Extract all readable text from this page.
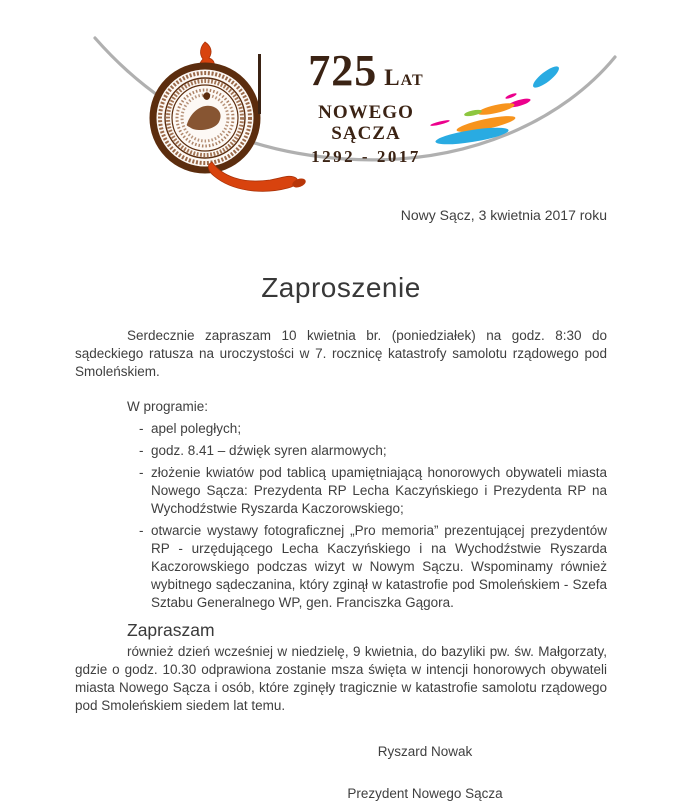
725 Lat
NOWEGO SĄCZA
1292 - 2017
Nowy Sącz, 3 kwietnia 2017 roku
Zaproszenie

Serdecznie zapraszam 10 kwietnia br. (poniedziałek) na godz. 8:30 do sądeckiego ratusza na uroczystości w 7. rocznicę katastrofy samolotu rządowego pod Smoleńskiem.

W programie:

- apel poległych;
- godz. 8.41 – dźwięk syren alarmowych;
- złożenie kwiatów pod tablicą upamiętniającą honorowych obywateli miasta Nowego Sącza: Prezydenta RP Lecha Kaczyńskiego i Prezydenta RP na Wychodźstwie Ryszarda Kaczorowskiego;
- otwarcie wystawy fotograficznej „Pro memoria” prezentującej prezydentów RP - urzędującego Lecha Kaczyńskiego i na Wychodźstwie Ryszarda Kaczorowskiego podczas wizyt w Nowym Sączu. Wspominamy również wybitnego sądeczanina, który zginął w katastrofie pod Smoleńskiem - Szefa Sztabu Generalnego WP, gen. Franciszka Gągora.
Zapraszam

również dzień wcześniej w niedzielę, 9 kwietnia, do bazyliki pw. św. Małgorzaty, gdzie o godz. 10.30 odprawiona zostanie msza święta w intencji honorowych obywateli miasta Nowego Sącza i osób, które zginęły tragicznie w katastrofie samolotu rządowego pod Smoleńskiem siedem lat temu.

Ryszard Nowak
Prezydent Nowego Sącza
